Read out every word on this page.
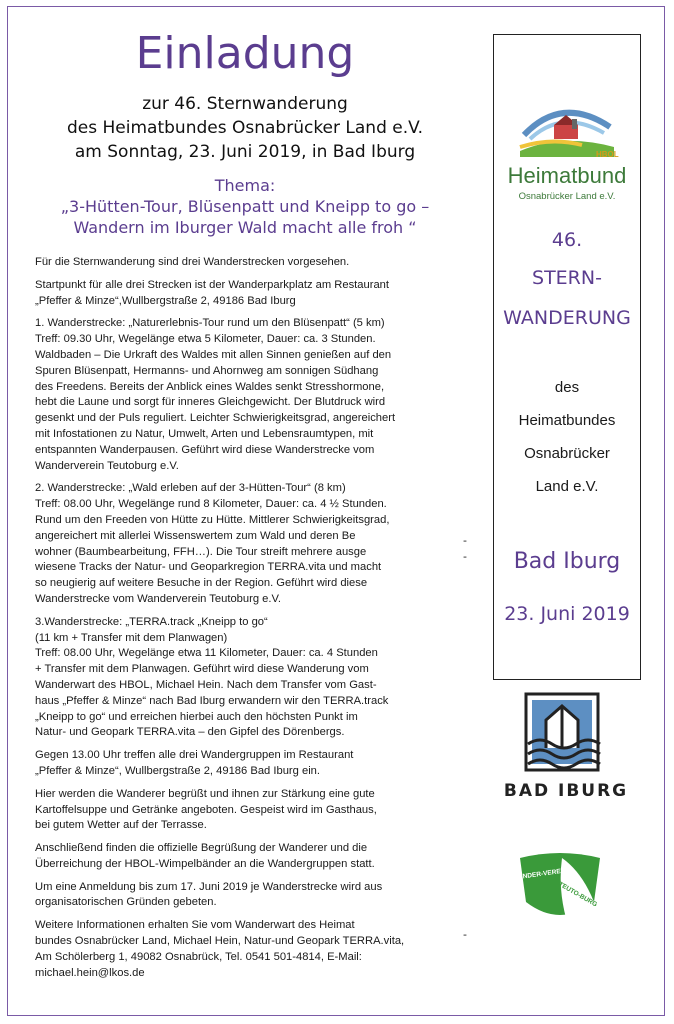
Einladung
zur 46. Sternwanderung
des Heimatbundes Osnabrücker Land e.V.
am Sonntag, 23. Juni 2019, in Bad Iburg
Thema:
„3-Hütten-Tour, Blüsenpatt und Kneipp to go –
Wandern im Iburger Wald macht alle froh “

Für die Sternwanderung sind drei Wanderstrecken vorgesehen.

Startpunkt für alle drei Strecken ist der Wanderparkplatz am Restaurant
„Pfeffer & Minze“,Wullbergstraße 2, 49186 Bad Iburg

1. Wanderstrecke: „Naturerlebnis-Tour rund um den Blüsenpatt“ (5 km)
Treff: 09.30 Uhr, Wegelänge etwa 5 Kilometer, Dauer: ca. 3 Stunden.
Waldbaden – Die Urkraft des Waldes mit allen Sinnen genießen auf den
Spuren Blüsenpatt, Hermanns- und Ahornweg am sonnigen Südhang
des Freedens. Bereits der Anblick eines Waldes senkt Stresshormone,
hebt die Laune und sorgt für inneres Gleichgewicht. Der Blutdruck wird
gesenkt und der Puls reguliert. Leichter Schwierigkeitsgrad, angereichert
mit Infostationen zu Natur, Umwelt, Arten und Lebensraumtypen, mit
entspannten Wanderpausen. Geführt wird diese Wanderstrecke vom
Wanderverein Teutoburg e.V.

2. Wanderstrecke: „Wald erleben auf der 3-Hütten-Tour“ (8 km)
Treff: 08.00 Uhr, Wegelänge rund 8 Kilometer, Dauer: ca. 4 ½ Stunden.
Rund um den Freeden von Hütte zu Hütte. Mittlerer Schwierigkeitsgrad,
angereichert mit allerlei Wissenswertem zum Wald und deren Be
wohner (Baumbearbeitung, FFH…). Die Tour streift mehrere ausge
wiesene Tracks der Natur- und Geoparkregion TERRA.vita und macht
so neugierig auf weitere Besuche in der Region. Geführt wird diese
Wanderstrecke vom Wanderverein Teutoburg e.V.

3.Wanderstrecke: „TERRA.track „Kneipp to go“
(11 km + Transfer mit dem Planwagen)
Treff: 08.00 Uhr, Wegelänge etwa 11 Kilometer, Dauer: ca. 4 Stunden
+ Transfer mit dem Planwagen. Geführt wird diese Wanderung vom
Wanderwart des HBOL, Michael Hein. Nach dem Transfer vom Gast-
haus „Pfeffer & Minze“ nach Bad Iburg erwandern wir den TERRA.track
„Kneipp to go“ und erreichen hierbei auch den höchsten Punkt im
Natur- und Geopark TERRA.vita – den Gipfel des Dörenbergs.

Gegen 13.00 Uhr treffen alle drei Wandergruppen im Restaurant
„Pfeffer & Minze“, Wullbergstraße 2, 49186 Bad Iburg ein.

Hier werden die Wanderer begrüßt und ihnen zur Stärkung eine gute
Kartoffelsuppe und Getränke angeboten. Gespeist wird im Gasthaus,
bei gutem Wetter auf der Terrasse.

Anschließend finden die offizielle Begrüßung der Wanderer und die
Überreichung der HBOL-Wimpelbänder an die Wandergruppen statt.

Um eine Anmeldung bis zum 17. Juni 2019 je Wanderstrecke wird aus
organisatorischen Gründen gebeten.

Weitere Informationen erhalten Sie vom Wanderwart des Heimat
bundes Osnabrücker Land, Michael Hein, Natur-und Geopark TERRA.vita,
Am Schölerberg 1, 49082 Osnabrück, Tel. 0541 501-4814, E-Mail:
michael.hein@lkos.de

-
-
-
HBOL
Heimatbund
Osnabrücker Land e.V.
46.
STERN-
WANDERUNG
des
Heimatbundes
Osnabrücker
Land e.V.
Bad Iburg
23. Juni 2019
BAD IBURG
WANDER-VEREIN
TEUTO-BURG
